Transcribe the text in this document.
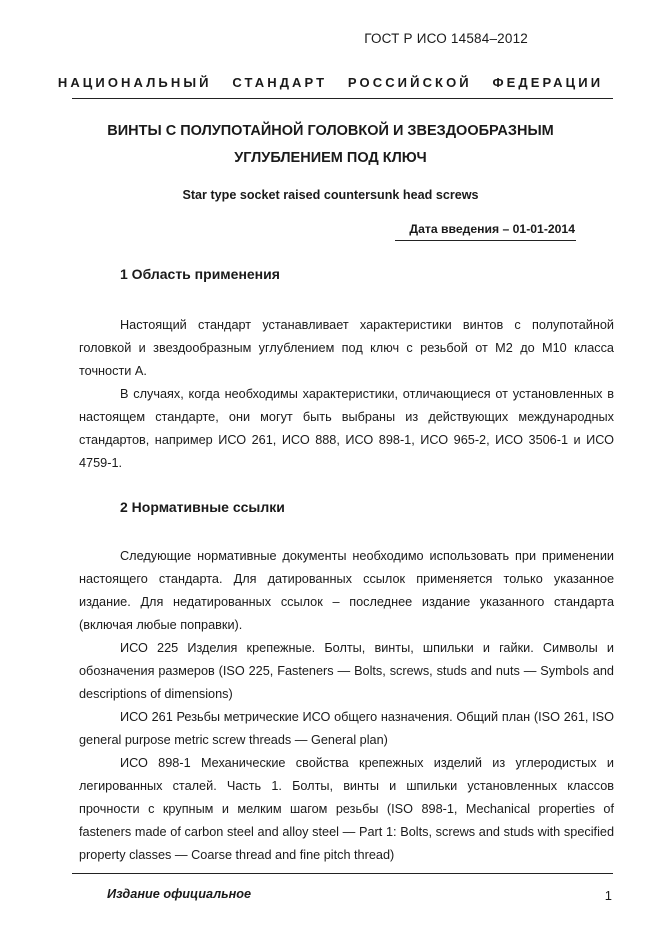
ГОСТ Р ИСО 14584–2012
НАЦИОНАЛЬНЫЙ СТАНДАРТ РОССИЙСКОЙ ФЕДЕРАЦИИ
ВИНТЫ С ПОЛУПОТАЙНОЙ ГОЛОВКОЙ И ЗВЕЗДООБРАЗНЫМ
УГЛУБЛЕНИЕМ ПОД КЛЮЧ
Star type socket raised countersunk head screws
Дата введения – 01-01-2014
1 Область применения

Настоящий стандарт устанавливает характеристики винтов с полупотайной головкой и звездообразным углублением под ключ с резьбой от М2 до М10 класса точности А.

В случаях, когда необходимы характеристики, отличающиеся от установленных в настоящем стандарте, они могут быть выбраны из действующих международных стандартов, например ИСО 261, ИСО 888, ИСО 898-1, ИСО 965-2, ИСО 3506-1 и ИСО 4759-1.

2 Нормативные ссылки

Следующие нормативные документы необходимо использовать при применении настоящего стандарта. Для датированных ссылок применяется только указанное издание. Для недатированных ссылок – последнее издание указанного стандарта (включая любые поправки).

ИСО 225 Изделия крепежные. Болты, винты, шпильки и гайки. Символы и обозначения размеров (ISO 225, Fasteners — Bolts, screws, studs and nuts — Symbols and descriptions of dimensions)

ИСО 261 Резьбы метрические ИСО общего назначения. Общий план (ISO 261, ISO general purpose metric screw threads — General plan)

ИСО 898-1 Механические свойства крепежных изделий из углеродистых и легированных сталей. Часть 1. Болты, винты и шпильки установленных классов прочности с крупным и мелким шагом резьбы (ISO 898-1, Mechanical properties of fasteners made of carbon steel and alloy steel — Part 1: Bolts, screws and studs with specified property classes — Coarse thread and fine pitch thread)

Издание официальное	1
